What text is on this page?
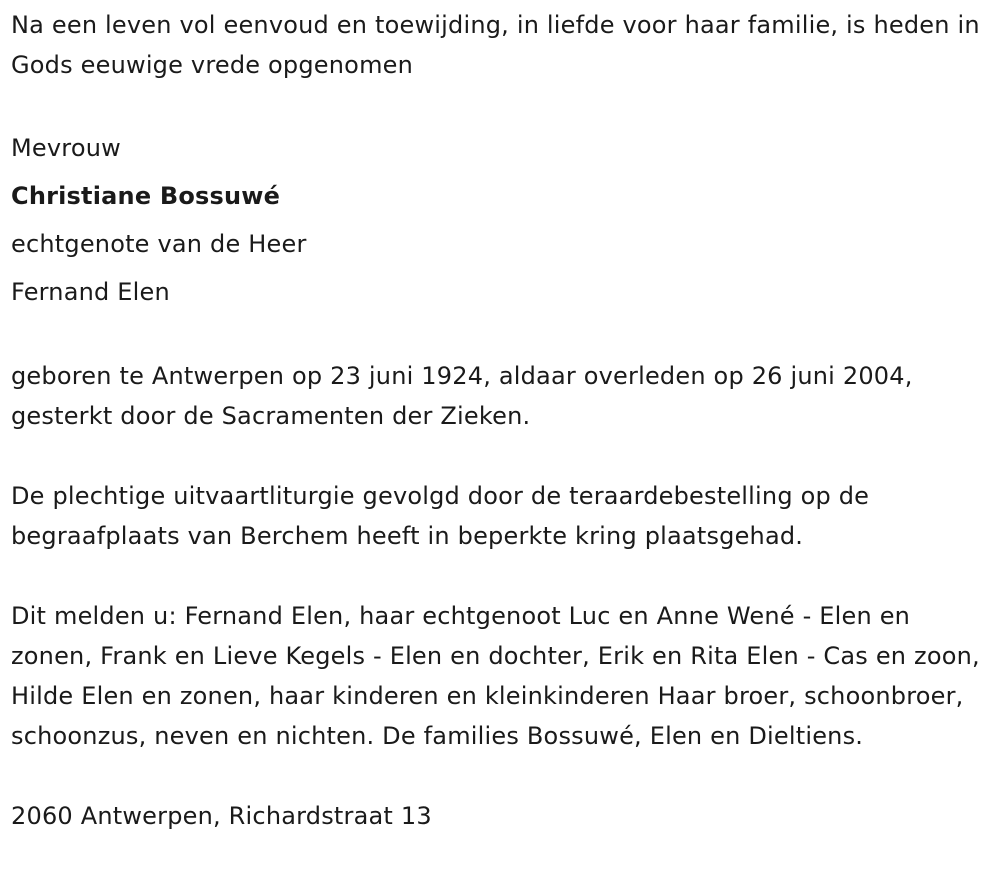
Na een leven vol eenvoud en toewijding, in liefde voor haar familie, is heden in Gods eeuwige vrede opgenomen

Mevrouw
Christiane Bossuwé
echtgenote van de Heer
Fernand Elen

geboren te Antwerpen op 23 juni 1924, aldaar overleden op 26 juni 2004, gesterkt door de Sacramenten der Zieken.

De plechtige uitvaartliturgie gevolgd door de teraardebestelling op de begraafplaats van Berchem heeft in beperkte kring plaatsgehad.

Dit melden u: Fernand Elen, haar echtgenoot Luc en Anne Wené - Elen en zonen, Frank en Lieve Kegels - Elen en dochter, Erik en Rita Elen - Cas en zoon, Hilde Elen en zonen, haar kinderen en kleinkinderen Haar broer, schoonbroer, schoonzus, neven en nichten. De families Bossuwé, Elen en Dieltiens.

2060 Antwerpen, Richardstraat 13
